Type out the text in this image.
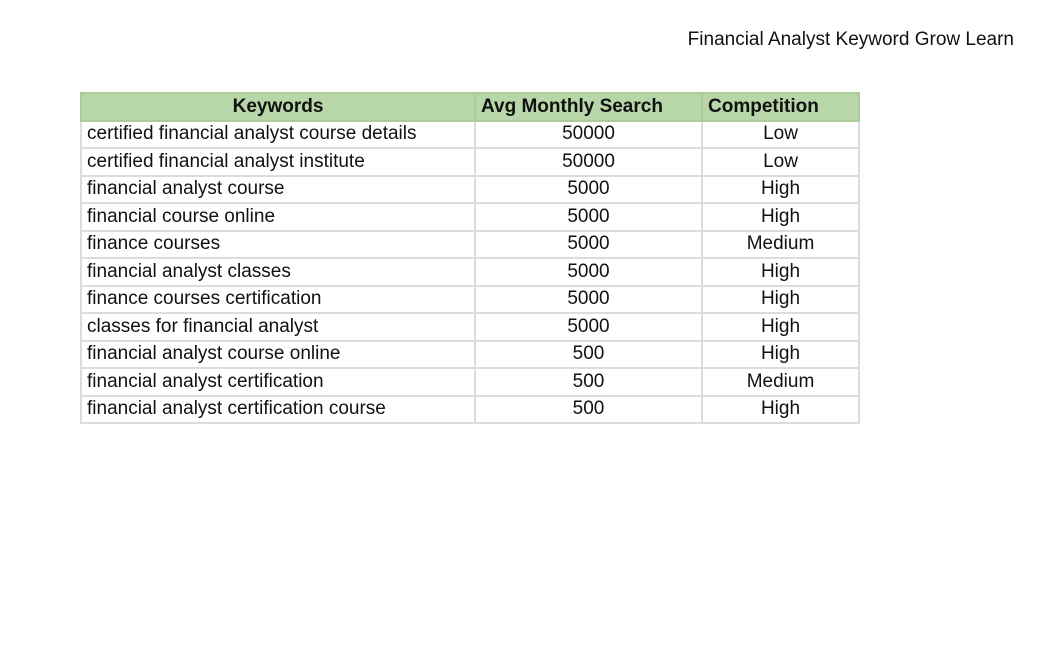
Financial Analyst Keyword Grow Learn
Keywords	Avg Monthly Search	Competition
certified financial analyst course details	50000	Low
certified financial analyst institute	50000	Low
financial analyst course	5000	High
financial course online	5000	High
finance courses	5000	Medium
financial analyst classes	5000	High
finance courses certification	5000	High
classes for financial analyst	5000	High
financial analyst course online	500	High
financial analyst certification	500	Medium
financial analyst certification course	500	High
